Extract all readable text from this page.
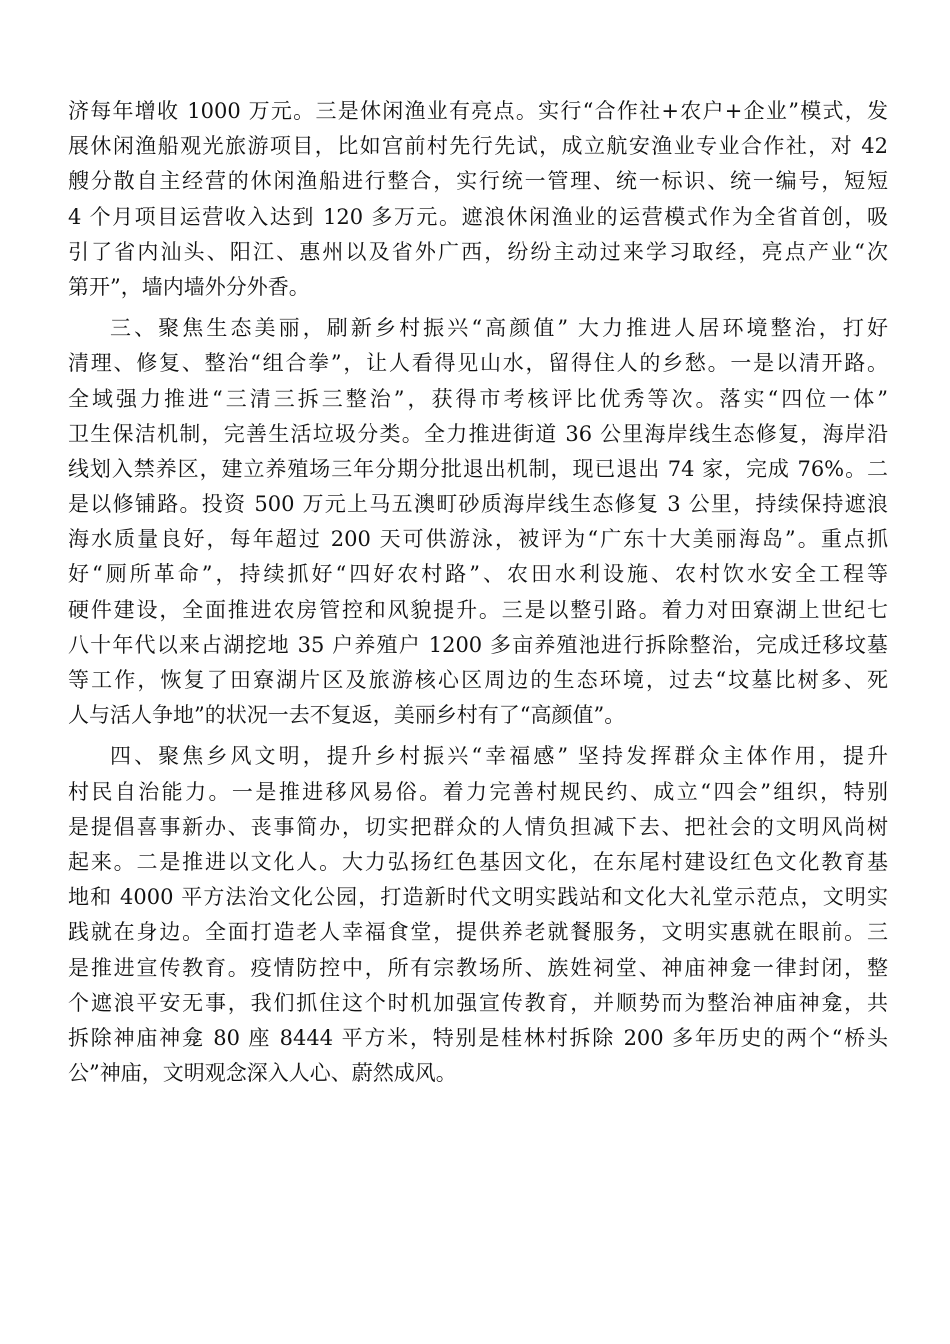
济每年增收 1000 万元。三是休闲渔业有亮点。实行“合作社+农户+企业”模式，发
展休闲渔船观光旅游项目，比如宫前村先行先试，成立航安渔业专业合作社，对 42
艘分散自主经营的休闲渔船进行整合，实行统一管理、统一标识、统一编号，短短
4 个月项目运营收入达到 120 多万元。遮浪休闲渔业的运营模式作为全省首创，吸
引了省内汕头、阳江、惠州以及省外广西，纷纷主动过来学习取经，亮点产业“次
第开”，墙内墙外分外香。
三、聚焦生态美丽，刷新乡村振兴“高颜值” 大力推进人居环境整治，打好
清理、修复、整治“组合拳”，让人看得见山水，留得住人的乡愁。一是以清开路。
全域强力推进“三清三拆三整治”，获得市考核评比优秀等次。落实“四位一体”
卫生保洁机制，完善生活垃圾分类。全力推进街道 36 公里海岸线生态修复，海岸沿
线划入禁养区，建立养殖场三年分期分批退出机制，现已退出 74 家，完成 76%。二
是以修铺路。投资 500 万元上马五澳町砂质海岸线生态修复 3 公里，持续保持遮浪
海水质量良好，每年超过 200 天可供游泳，被评为“广东十大美丽海岛”。重点抓
好“厕所革命”，持续抓好“四好农村路”、农田水利设施、农村饮水安全工程等
硬件建设，全面推进农房管控和风貌提升。三是以整引路。着力对田寮湖上世纪七
八十年代以来占湖挖地 35 户养殖户 1200 多亩养殖池进行拆除整治，完成迁移坟墓
等工作，恢复了田寮湖片区及旅游核心区周边的生态环境，过去“坟墓比树多、死
人与活人争地”的状况一去不复返，美丽乡村有了“高颜值”。
四、聚焦乡风文明，提升乡村振兴“幸福感” 坚持发挥群众主体作用，提升
村民自治能力。一是推进移风易俗。着力完善村规民约、成立“四会”组织，特别
是提倡喜事新办、丧事简办，切实把群众的人情负担减下去、把社会的文明风尚树
起来。二是推进以文化人。大力弘扬红色基因文化，在东尾村建设红色文化教育基
地和 4000 平方法治文化公园，打造新时代文明实践站和文化大礼堂示范点，文明实
践就在身边。全面打造老人幸福食堂，提供养老就餐服务，文明实惠就在眼前。三
是推进宣传教育。疫情防控中，所有宗教场所、族姓祠堂、神庙神龛一律封闭，整
个遮浪平安无事，我们抓住这个时机加强宣传教育，并顺势而为整治神庙神龛，共
拆除神庙神龛 80 座 8444 平方米，特别是桂林村拆除 200 多年历史的两个“桥头
公”神庙，文明观念深入人心、蔚然成风。
